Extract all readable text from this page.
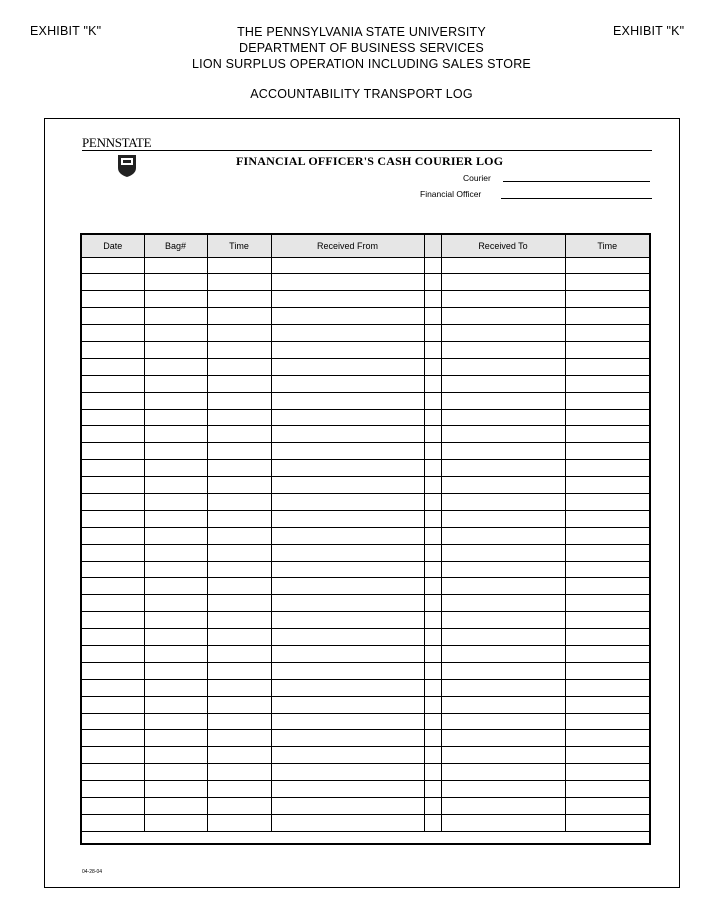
EXHIBIT "K"	EXHIBIT "K"
THE PENNSYLVANIA STATE UNIVERSITY
DEPARTMENT OF BUSINESS SERVICES
LION SURPLUS OPERATION INCLUDING SALES STORE
ACCOUNTABILITY TRANSPORT LOG
PENNSTATE
FINANCIAL OFFICER'S CASH COURIER LOG
Courier
Financial Officer
Date	Bag#	Time	Received From		Received To	Time

04-28-04
